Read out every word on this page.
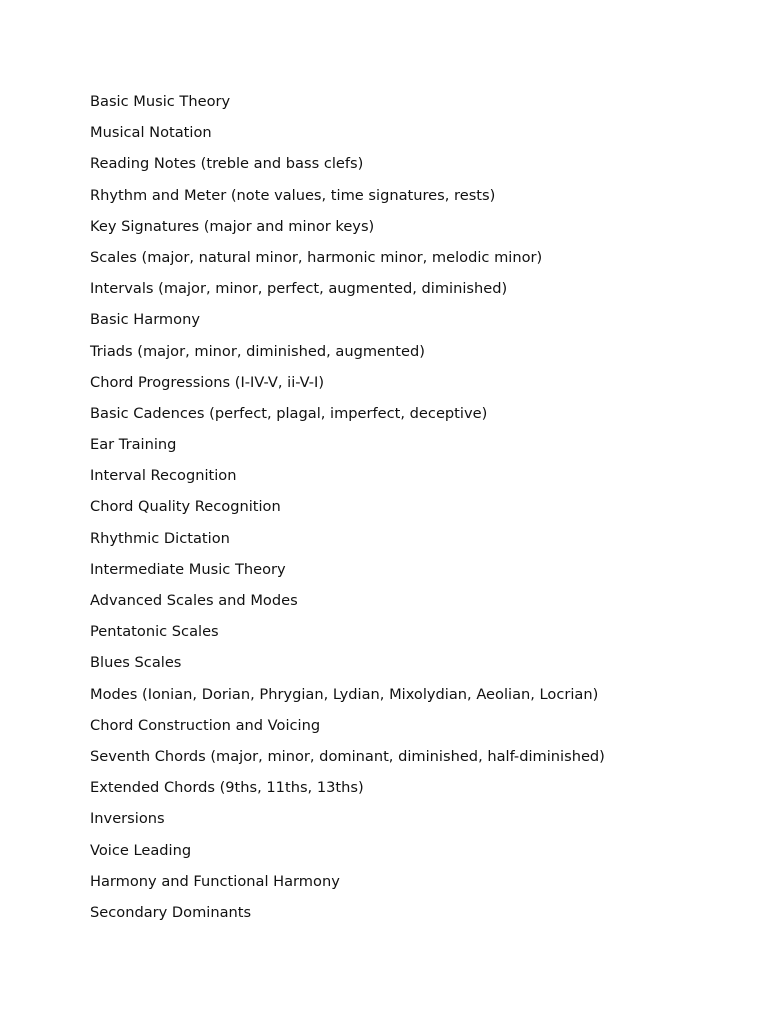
Basic Music Theory
Musical Notation
Reading Notes (treble and bass clefs)
Rhythm and Meter (note values, time signatures, rests)
Key Signatures (major and minor keys)
Scales (major, natural minor, harmonic minor, melodic minor)
Intervals (major, minor, perfect, augmented, diminished)
Basic Harmony
Triads (major, minor, diminished, augmented)
Chord Progressions (I-IV-V, ii-V-I)
Basic Cadences (perfect, plagal, imperfect, deceptive)
Ear Training
Interval Recognition
Chord Quality Recognition
Rhythmic Dictation
Intermediate Music Theory
Advanced Scales and Modes
Pentatonic Scales
Blues Scales
Modes (Ionian, Dorian, Phrygian, Lydian, Mixolydian, Aeolian, Locrian)
Chord Construction and Voicing
Seventh Chords (major, minor, dominant, diminished, half-diminished)
Extended Chords (9ths, 11ths, 13ths)
Inversions
Voice Leading
Harmony and Functional Harmony
Secondary Dominants
